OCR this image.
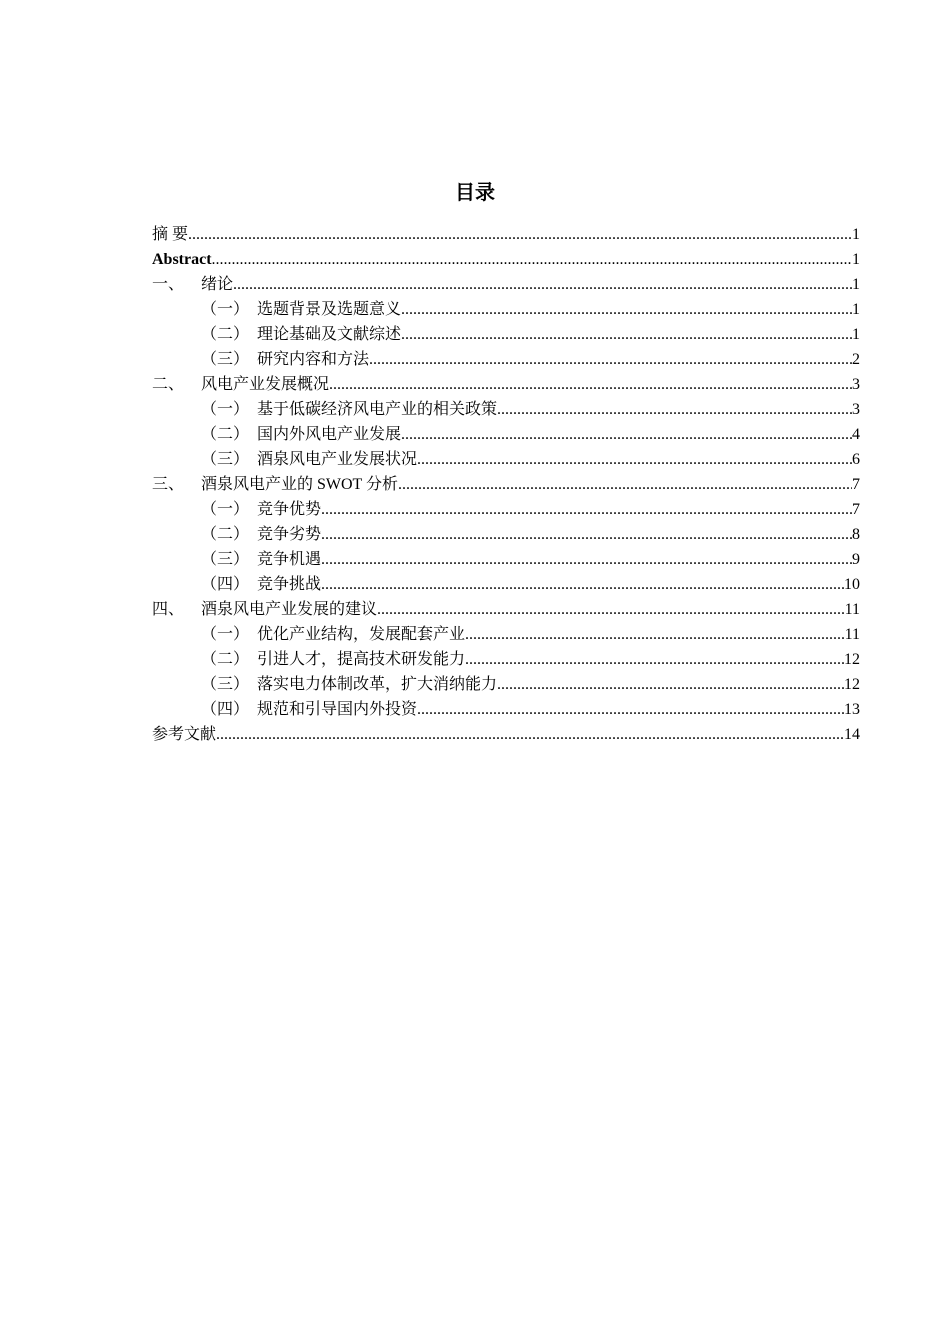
目录
摘 要 .....	1
Abstract .....	1
一、	绪论 .....	1
（一） 选题背景及选题意义 .....	1
（二） 理论基础及文献综述 .....	1
（三） 研究内容和方法 .....	2
二、	风电产业发展概况 .....	3
（一） 基于低碳经济风电产业的相关政策 .....	3
（二） 国内外风电产业发展 .....	4
（三） 酒泉风电产业发展状况 .....	6
三、	酒泉风电产业的 SWOT 分析 .....	7
（一） 竞争优势 .....	7
（二） 竞争劣势 .....	8
（三） 竞争机遇 .....	9
（四） 竞争挑战 .....	10
四、	酒泉风电产业发展的建议 .....	11
（一） 优化产业结构，发展配套产业 .....	11
（二） 引进人才，提高技术研发能力 .....	12
（三） 落实电力体制改革，扩大消纳能力 .....	12
（四） 规范和引导国内外投资 .....	13
参考文献 .....	14
